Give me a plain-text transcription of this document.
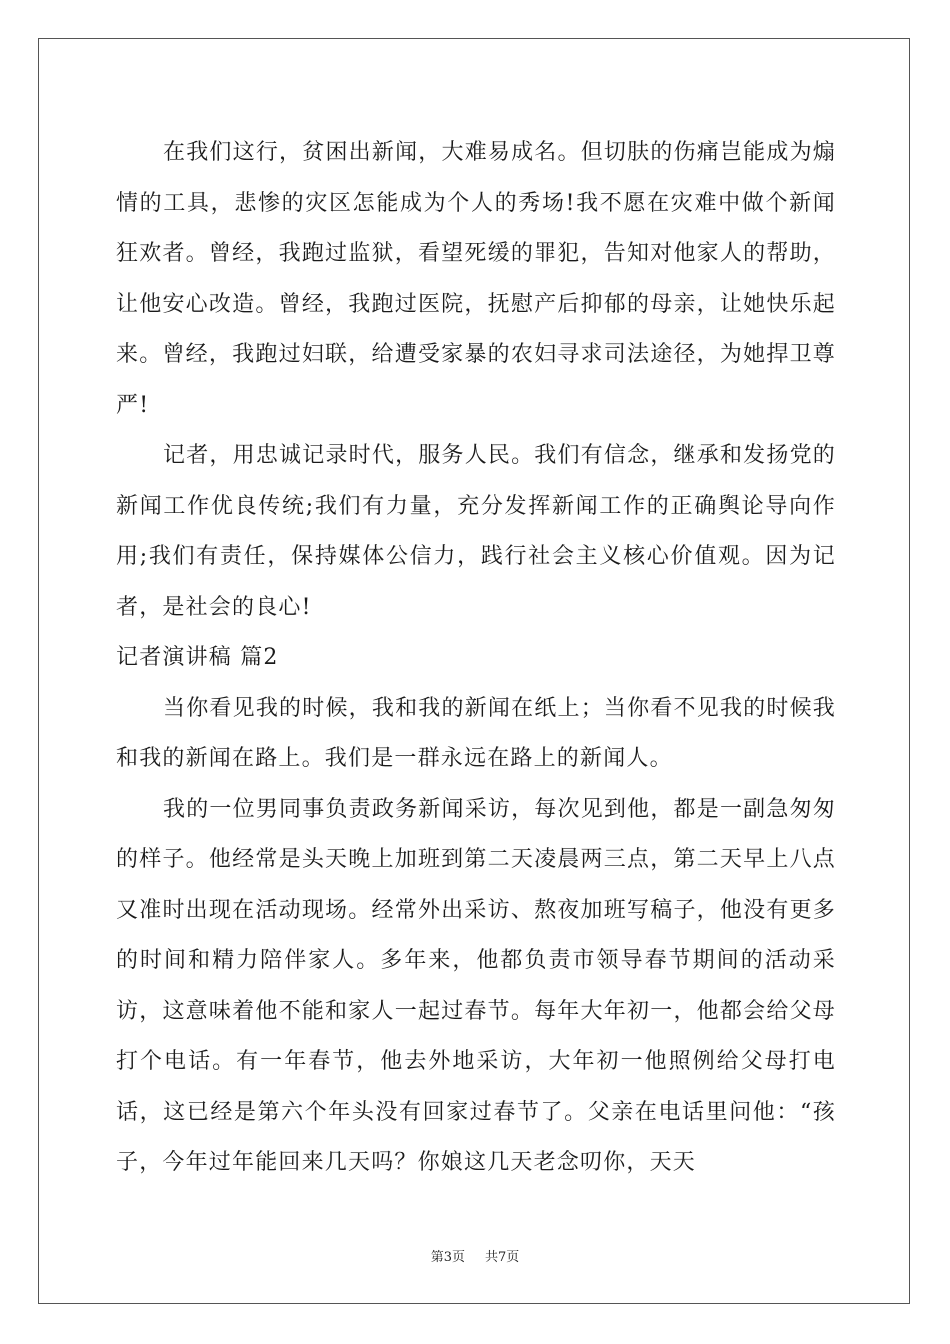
在我们这行，贫困出新闻，大难易成名。但切肤的伤痛岂能成为煽情的工具，悲惨的灾区怎能成为个人的秀场!我不愿在灾难中做个新闻狂欢者。曾经，我跑过监狱，看望死缓的罪犯，告知对他家人的帮助，让他安心改造。曾经，我跑过医院，抚慰产后抑郁的母亲，让她快乐起来。曾经，我跑过妇联，给遭受家暴的农妇寻求司法途径，为她捍卫尊严!

记者，用忠诚记录时代，服务人民。我们有信念，继承和发扬党的新闻工作优良传统;我们有力量，充分发挥新闻工作的正确舆论导向作用;我们有责任，保持媒体公信力，践行社会主义核心价值观。因为记者，是社会的良心!

记者演讲稿 篇2

当你看见我的时候，我和我的新闻在纸上；当你看不见我的时候我和我的新闻在路上。我们是一群永远在路上的新闻人。

我的一位男同事负责政务新闻采访，每次见到他，都是一副急匆匆的样子。他经常是头天晚上加班到第二天凌晨两三点，第二天早上八点又准时出现在活动现场。经常外出采访、熬夜加班写稿子，他没有更多的时间和精力陪伴家人。多年来，他都负责市领导春节期间的活动采访，这意味着他不能和家人一起过春节。每年大年初一，他都会给父母打个电话。有一年春节，他去外地采访，大年初一他照例给父母打电话，这已经是第六个年头没有回家过春节了。父亲在电话里问他：“孩子，今年过年能回来几天吗？你娘这几天老念叨你，天天

第3页 共7页
